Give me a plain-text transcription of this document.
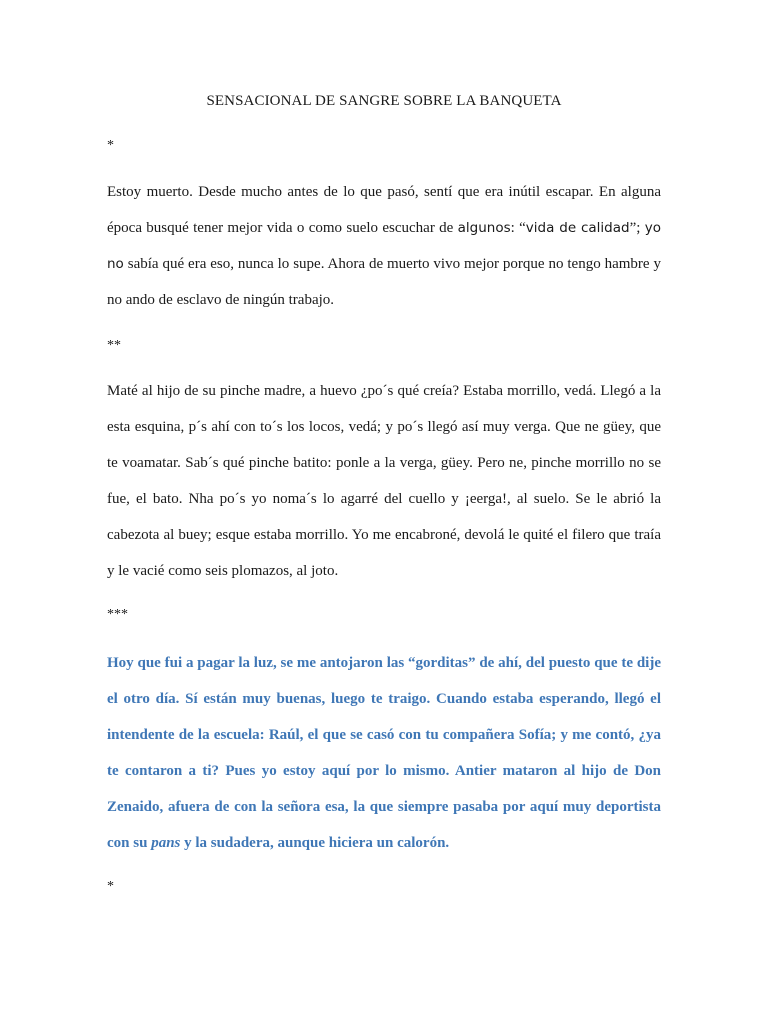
SENSACIONAL DE SANGRE SOBRE LA BANQUETA
*

Estoy muerto. Desde mucho antes de lo que pasó, sentí que era inútil escapar. En alguna época busqué tener mejor vida o como suelo escuchar de algunos: “vida de calidad”; yo no sabía qué era eso, nunca lo supe. Ahora de muerto vivo mejor porque no tengo hambre y no ando de esclavo de ningún trabajo.

**

Maté al hijo de su pinche madre, a huevo ¿po´s qué creía? Estaba morrillo, vedá. Llegó a la esta esquina, p´s ahí con to´s los locos, vedá; y po´s llegó así muy verga. Que ne güey, que te voamatar. Sab´s qué pinche batito: ponle a la verga, güey. Pero ne, pinche morrillo no se fue, el bato. Nha po´s yo noma´s lo agarré del cuello y ¡eerga!, al suelo. Se le abrió la cabezota al buey; esque estaba morrillo. Yo me encabroné, devolá le quité el filero que traía y le vacié como seis plomazos, al joto.

***

Hoy que fui a pagar la luz, se me antojaron las “gorditas” de ahí, del puesto que te dije el otro día. Sí están muy buenas, luego te traigo. Cuando estaba esperando, llegó el intendente de la escuela: Raúl, el que se casó con tu compañera Sofía; y me contó, ¿ya te contaron a ti? Pues yo estoy aquí por lo mismo. Antier mataron al hijo de Don Zenaido, afuera de con la señora esa, la que siempre pasaba por aquí muy deportista con su pans y la sudadera, aunque hiciera un calorón.

*
